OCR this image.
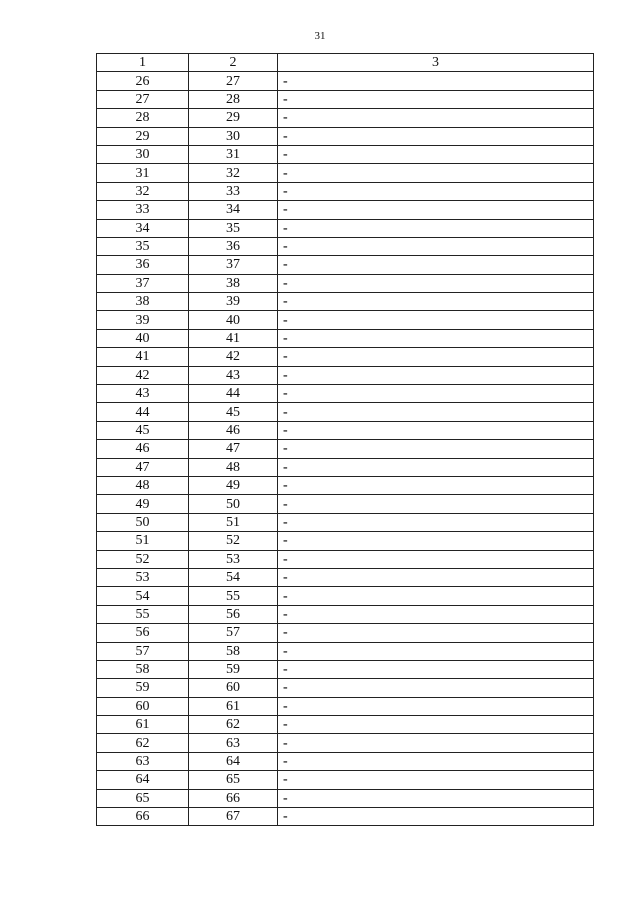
31
1	2	3
26	27	-
27	28	-
28	29	-
29	30	-
30	31	-
31	32	-
32	33	-
33	34	-
34	35	-
35	36	-
36	37	-
37	38	-
38	39	-
39	40	-
40	41	-
41	42	-
42	43	-
43	44	-
44	45	-
45	46	-
46	47	-
47	48	-
48	49	-
49	50	-
50	51	-
51	52	-
52	53	-
53	54	-
54	55	-
55	56	-
56	57	-
57	58	-
58	59	-
59	60	-
60	61	-
61	62	-
62	63	-
63	64	-
64	65	-
65	66	-
66	67	-
